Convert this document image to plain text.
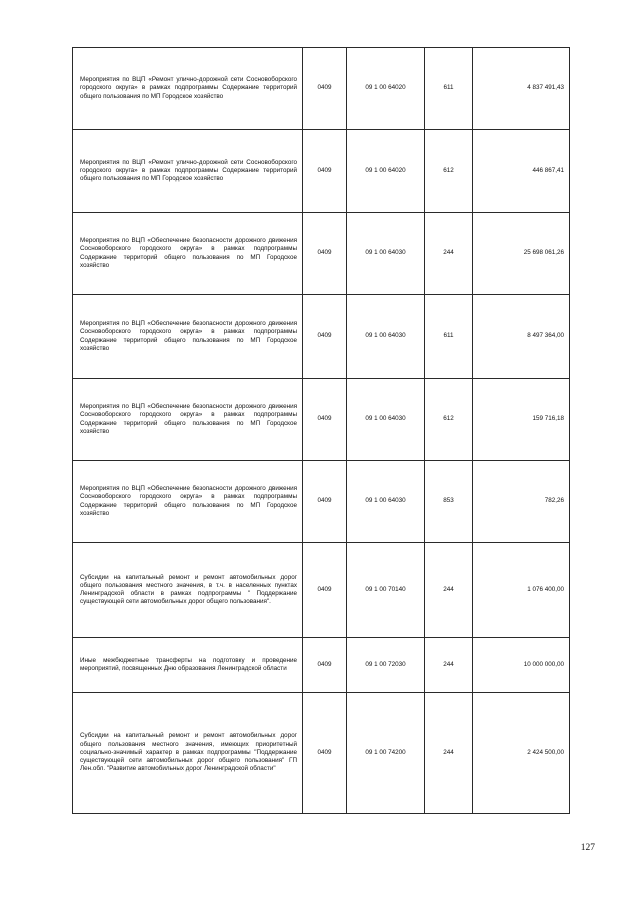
Мероприятия по ВЦП «Ремонт улично-дорожной сети Сосновоборского городского округа» в рамках подпрограммы Содержание территорий общего пользования по МП Городское хозяйство	0409	09 1 00 64020	611	4 837 491,43
Мероприятия по ВЦП «Ремонт улично-дорожной сети Сосновоборского городского округа» в рамках подпрограммы Содержание территорий общего пользования по МП Городское хозяйство	0409	09 1 00 64020	612	446 867,41
Мероприятия по ВЦП «Обеспечение безопасности дорожного движения Сосновоборского городского округа» в рамках подпрограммы Содержание территорий общего пользования по МП Городское хозяйство	0409	09 1 00 64030	244	25 698 061,26
Мероприятия по ВЦП «Обеспечение безопасности дорожного движения Сосновоборского городского округа» в рамках подпрограммы Содержание территорий общего пользования по МП Городское хозяйство	0409	09 1 00 64030	611	8 497 364,00
Мероприятия по ВЦП «Обеспечение безопасности дорожного движения Сосновоборского городского округа» в рамках подпрограммы Содержание территорий общего пользования по МП Городское хозяйство	0409	09 1 00 64030	612	159 716,18
Мероприятия по ВЦП «Обеспечение безопасности дорожного движения Сосновоборского городского округа» в рамках подпрограммы Содержание территорий общего пользования по МП Городское хозяйство	0409	09 1 00 64030	853	782,26
Субсидии на капитальный ремонт и ремонт автомобильных дорог общего пользования местного значения, в т.ч. в населенных пунктах Ленинградской области в рамках подпрограммы " Поддержание существующей сети автомобильных дорог общего пользования".	0409	09 1 00 70140	244	1 076 400,00
Иные межбюджетные трансферты на подготовку и проведение мероприятий, посвященных Дню образования Ленинградской области	0409	09 1 00 72030	244	10 000 000,00
Субсидии на капитальный ремонт и ремонт автомобильных дорог общего пользования местного значения, имеющих приоритетный социально-значимый характер в рамках подпрограммы "Поддержание существующей сети автомобильных дорог общего пользования" ГП Лен.обл. "Развитие автомобильных дорог Ленинградской области"	0409	09 1 00 74200	244	2 424 500,00
127
